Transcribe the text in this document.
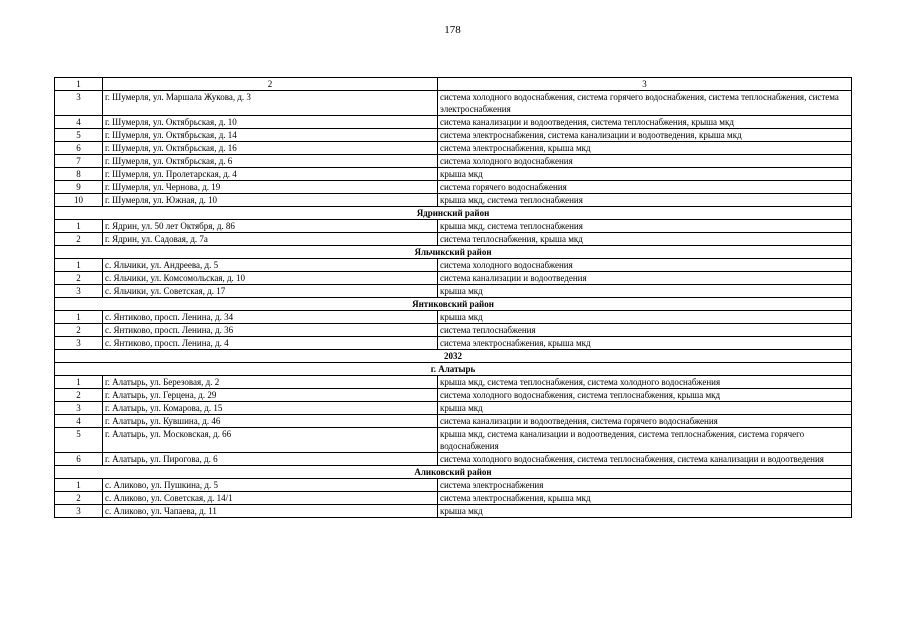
178
1	2	3
3	г. Шумерля, ул. Маршала Жукова, д. 3	система холодного водоснабжения, система горячего водоснабжения, система теплоснабжения, система электроснабжения
4	г. Шумерля, ул. Октябрьская, д. 10	система канализации и водоотведения, система теплоснабжения, крыша мкд
5	г. Шумерля, ул. Октябрьская, д. 14	система электроснабжения, система канализации и водоотведения, крыша мкд
6	г. Шумерля, ул. Октябрьская, д. 16	система электроснабжения, крыша мкд
7	г. Шумерля, ул. Октябрьская, д. 6	система холодного водоснабжения
8	г. Шумерля, ул. Пролетарская, д. 4	крыша мкд
9	г. Шумерля, ул. Чернова, д. 19	система горячего водоснабжения
10	г. Шумерля, ул. Южная, д. 10	крыша мкд, система теплоснабжения
Ядринский район		
1	г. Ядрин, ул. 50 лет Октября, д. 86	крыша мкд, система теплоснабжения
2	г. Ядрин, ул. Садовая, д. 7а	система теплоснабжения, крыша мкд
Яльчикский район		
1	с. Яльчики, ул. Андреева, д. 5	система холодного водоснабжения
2	с. Яльчики, ул. Комсомольская, д. 10	система канализации и водоотведения
3	с. Яльчики, ул. Советская, д. 17	крыша мкд
Янтиковский район		
1	с. Янтиково, просп. Ленина, д. 34	крыша мкд
2	с. Янтиково, просп. Ленина, д. 36	система теплоснабжения
3	с. Янтиково, просп. Ленина, д. 4	система электроснабжения, крыша мкд
2032		
г. Алатырь		
1	г. Алатырь, ул. Березовая, д. 2	крыша мкд, система теплоснабжения, система холодного водоснабжения
2	г. Алатырь, ул. Герцена, д. 29	система холодного водоснабжения, система теплоснабжения, крыша мкд
3	г. Алатырь, ул. Комарова, д. 15	крыша мкд
4	г. Алатырь, ул. Кувшина, д. 46	система канализации и водоотведения, система горячего водоснабжения
5	г. Алатырь, ул. Московская, д. 66	крыша мкд, система канализации и водоотведения, система теплоснабжения, система горячего водоснабжения
6	г. Алатырь, ул. Пирогова, д. 6	система холодного водоснабжения, система теплоснабжения, система канализации и водоотведения
Аликовский район		
1	с. Аликово, ул. Пушкина, д. 5	система электроснабжения
2	с. Аликово, ул. Советская, д. 14/1	система электроснабжения, крыша мкд
3	с. Аликово, ул. Чапаева, д. 11	крыша мкд
